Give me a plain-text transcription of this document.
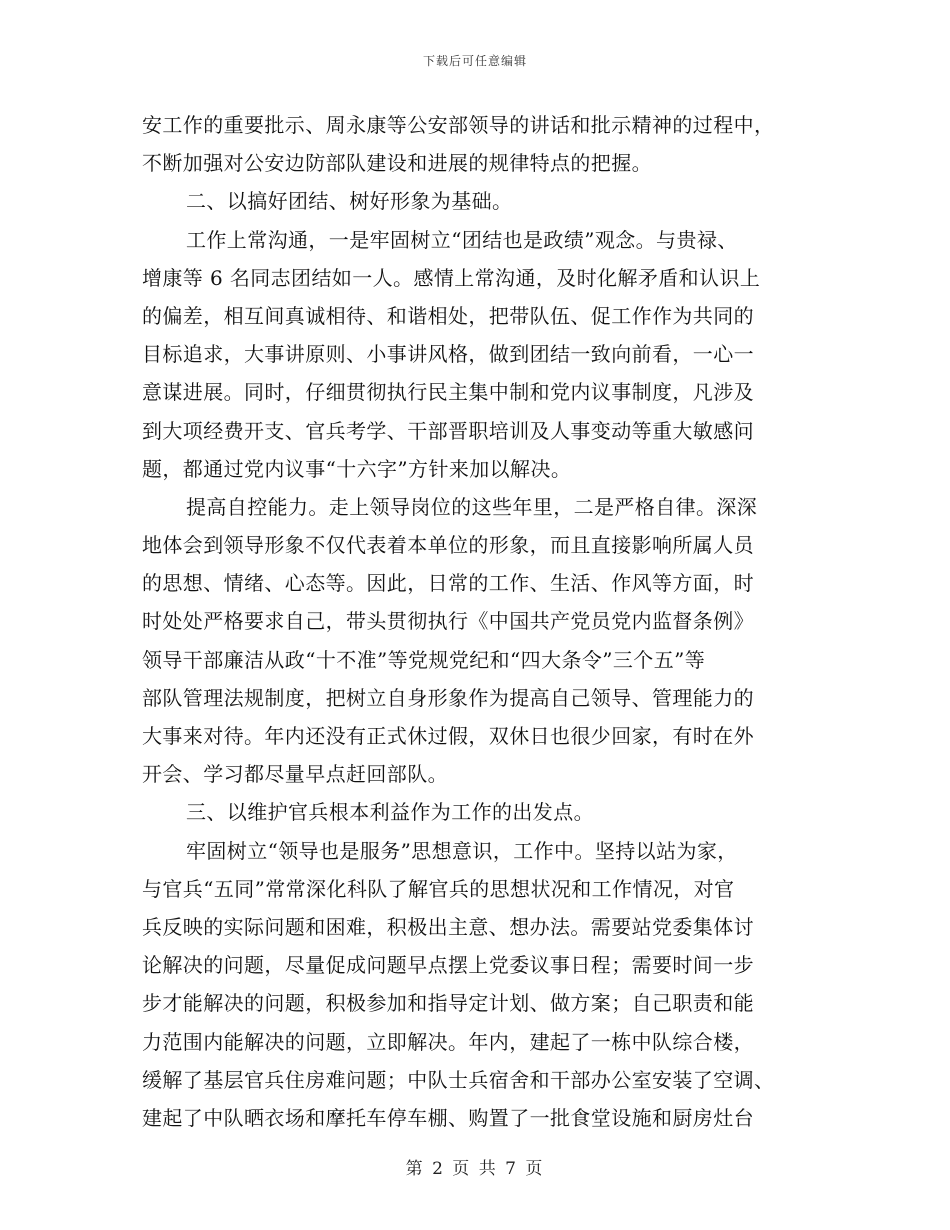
下载后可任意编辑
安工作的重要批示、周永康等公安部领导的讲话和批示精神的过程中，
不断加强对公安边防部队建设和进展的规律特点的把握。
二、以搞好团结、树好形象为基础。
工作上常沟通，一是牢固树立“团结也是政绩”观念。与贵禄、
增康等 6 名同志团结如一人。感情上常沟通，及时化解矛盾和认识上
的偏差，相互间真诚相待、和谐相处，把带队伍、促工作作为共同的
目标追求，大事讲原则、小事讲风格，做到团结一致向前看，一心一
意谋进展。同时，仔细贯彻执行民主集中制和党内议事制度，凡涉及
到大项经费开支、官兵考学、干部晋职培训及人事变动等重大敏感问
题，都通过党内议事“十六字”方针来加以解决。
提高自控能力。走上领导岗位的这些年里，二是严格自律。深深
地体会到领导形象不仅代表着本单位的形象，而且直接影响所属人员
的思想、情绪、心态等。因此，日常的工作、生活、作风等方面，时
时处处严格要求自己，带头贯彻执行《中国共产党员党内监督条例》
领导干部廉洁从政“十不准”等党规党纪和“四大条令”三个五”等
部队管理法规制度，把树立自身形象作为提高自己领导、管理能力的
大事来对待。年内还没有正式休过假，双休日也很少回家，有时在外
开会、学习都尽量早点赶回部队。
三、以维护官兵根本利益作为工作的出发点。
牢固树立“领导也是服务”思想意识，工作中。坚持以站为家，
与官兵“五同”常常深化科队了解官兵的思想状况和工作情况，对官
兵反映的实际问题和困难，积极出主意、想办法。需要站党委集体讨
论解决的问题，尽量促成问题早点摆上党委议事日程；需要时间一步
步才能解决的问题，积极参加和指导定计划、做方案；自己职责和能
力范围内能解决的问题，立即解决。年内，建起了一栋中队综合楼，
缓解了基层官兵住房难问题；中队士兵宿舍和干部办公室安装了空调、
建起了中队晒衣场和摩托车停车棚、购置了一批食堂设施和厨房灶台
第 2 页 共 7 页
